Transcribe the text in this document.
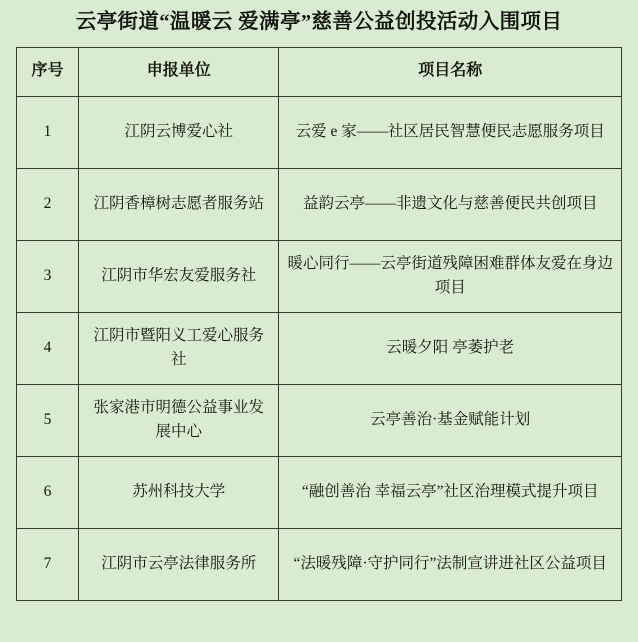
云亭街道“温暖云 爱满亭”慈善公益创投活动入围项目
序号	申报单位	项目名称
1	江阴云博爱心社	云爱 e 家——社区居民智慧便民志愿服务项目
2	江阴香樟树志愿者服务站	益韵云亭——非遗文化与慈善便民共创项目
3	江阴市华宏友爱服务社	暖心同行——云亭街道残障困难群体友爱在身边项目
4	江阴市暨阳义工爱心服务社	云暖夕阳 亭萎护老
5	张家港市明德公益事业发展中心	云亭善治·基金赋能计划
6	苏州科技大学	“融创善治 幸福云亭”社区治理模式提升项目
7	江阴市云亭法律服务所	“法暖残障·守护同行”法制宣讲进社区公益项目
